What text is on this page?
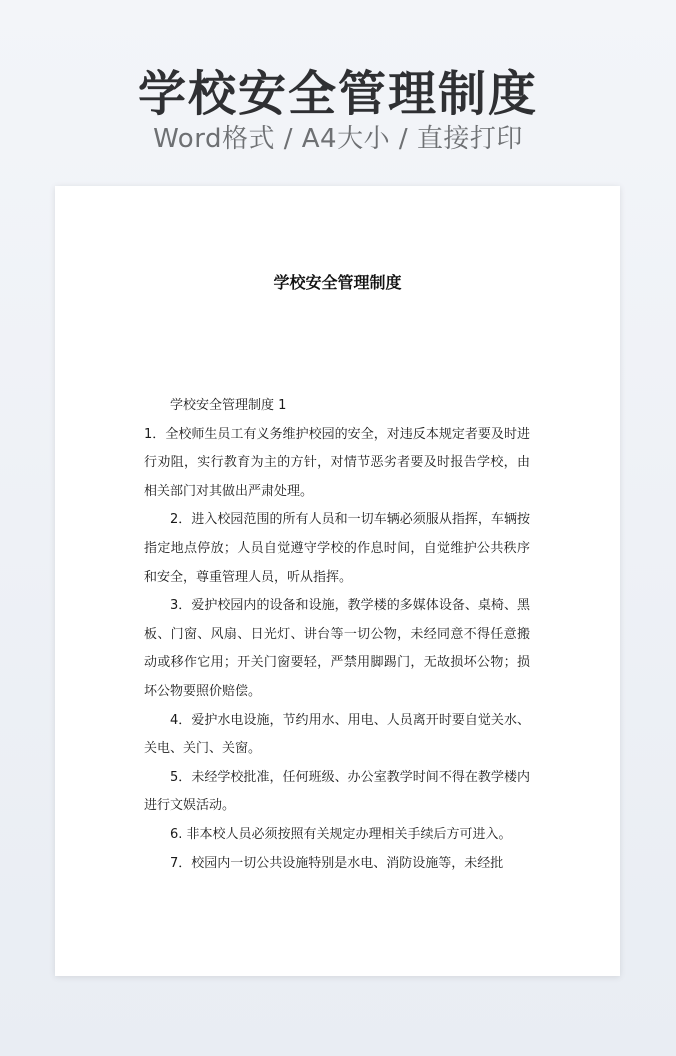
学校安全管理制度
Word格式 / A4大小 / 直接打印
学校安全管理制度

学校安全管理制度 1

1．全校师生员工有义务维护校园的安全，对违反本规定者要及时进行劝阻，实行教育为主的方针，对情节恶劣者要及时报告学校，由相关部门对其做出严肃处理。

2．进入校园范围的所有人员和一切车辆必须服从指挥，车辆按指定地点停放；人员自觉遵守学校的作息时间，自觉维护公共秩序和安全，尊重管理人员，听从指挥。

3．爱护校园内的设备和设施，教学楼的多媒体设备、桌椅、黑板、门窗、风扇、日光灯、讲台等一切公物，未经同意不得任意搬动或移作它用；开关门窗要轻，严禁用脚踢门，无故损坏公物；损坏公物要照价赔偿。

4．爱护水电设施，节约用水、用电、人员离开时要自觉关水、关电、关门、关窗。

5．未经学校批准，任何班级、办公室教学时间不得在教学楼内进行文娱活动。

6. 非本校人员必须按照有关规定办理相关手续后方可进入。

7．校园内一切公共设施特别是水电、消防设施等，未经批
